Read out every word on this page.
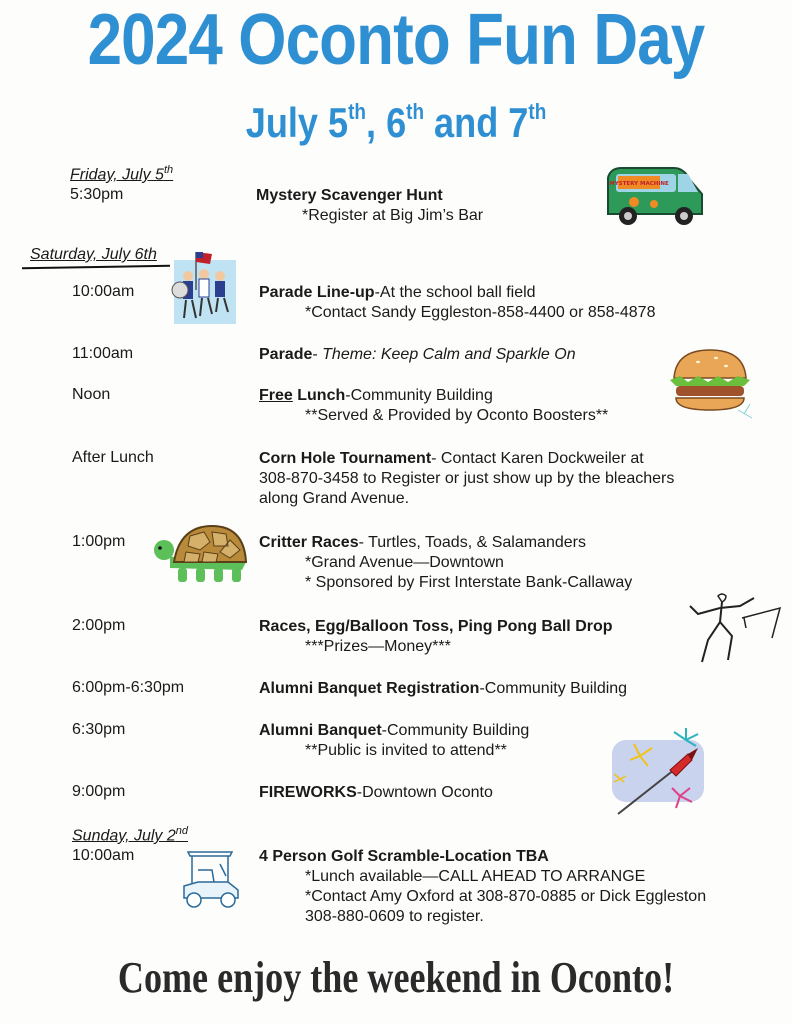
2024 Oconto Fun Day
July 5th, 6th and 7th
Friday, July 5th
5:30pm	Mystery Scavenger Hunt
*Register at Big Jim’s Bar
Saturday, July 6th
10:00am	Parade Line-up-At the school ball field
*Contact Sandy Eggleston-858-4400 or 858-4878
11:00am	Parade- Theme: Keep Calm and Sparkle On
Noon	Free Lunch-Community Building
**Served & Provided by Oconto Boosters**
After Lunch	Corn Hole Tournament- Contact Karen Dockweiler at
308-870-3458 to Register or just show up by the bleachers
along Grand Avenue.
1:00pm	Critter Races- Turtles, Toads, & Salamanders
*Grand Avenue—Downtown
* Sponsored by First Interstate Bank-Callaway
2:00pm	Races, Egg/Balloon Toss, Ping Pong Ball Drop
***Prizes—Money***
6:00pm-6:30pm	Alumni Banquet Registration-Community Building
6:30pm	Alumni Banquet-Community Building
**Public is invited to attend**
9:00pm	FIREWORKS-Downtown Oconto
Sunday, July 2nd
10:00am	4 Person Golf Scramble-Location TBA
*Lunch available—CALL AHEAD TO ARRANGE
*Contact Amy Oxford at 308-870-0885 or Dick Eggleston
308-880-0609 to register.
Come enjoy the weekend in Oconto!
MYSTERY MACHINE
